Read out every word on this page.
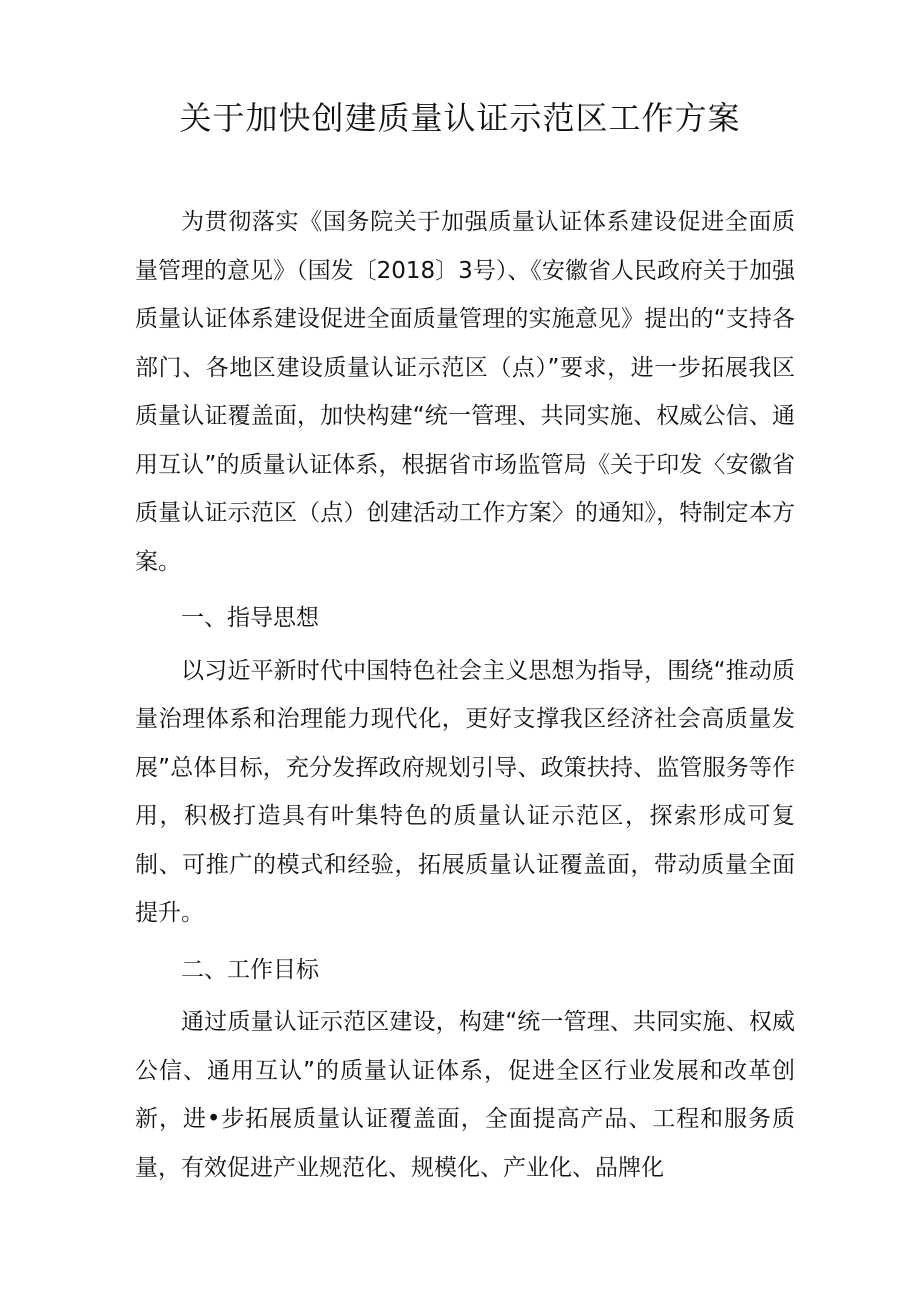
关于加快创建质量认证示范区工作方案

为贯彻落实《国务院关于加强质量认证体系建设促进全面质量管理的意见》（国发〔2018〕3号）、《安徽省人民政府关于加强质量认证体系建设促进全面质量管理的实施意见》提出的“支持各部门、各地区建设质量认证示范区（点）”要求，进一步拓展我区质量认证覆盖面，加快构建“统一管理、共同实施、权威公信、通用互认”的质量认证体系，根据省市场监管局《关于印发〈安徽省质量认证示范区（点）创建活动工作方案〉的通知》，特制定本方案。

一、指导思想

以习近平新时代中国特色社会主义思想为指导，围绕“推动质量治理体系和治理能力现代化，更好支撑我区经济社会高质量发展”总体目标，充分发挥政府规划引导、政策扶持、监管服务等作用，积极打造具有叶集特色的质量认证示范区，探索形成可复制、可推广的模式和经验，拓展质量认证覆盖面，带动质量全面提升。

二、工作目标

通过质量认证示范区建设，构建“统一管理、共同实施、权威公信、通用互认”的质量认证体系，促进全区行业发展和改革创新，进•步拓展质量认证覆盖面，全面提高产品、工程和服务质量，有效促进产业规范化、规模化、产业化、品牌化
